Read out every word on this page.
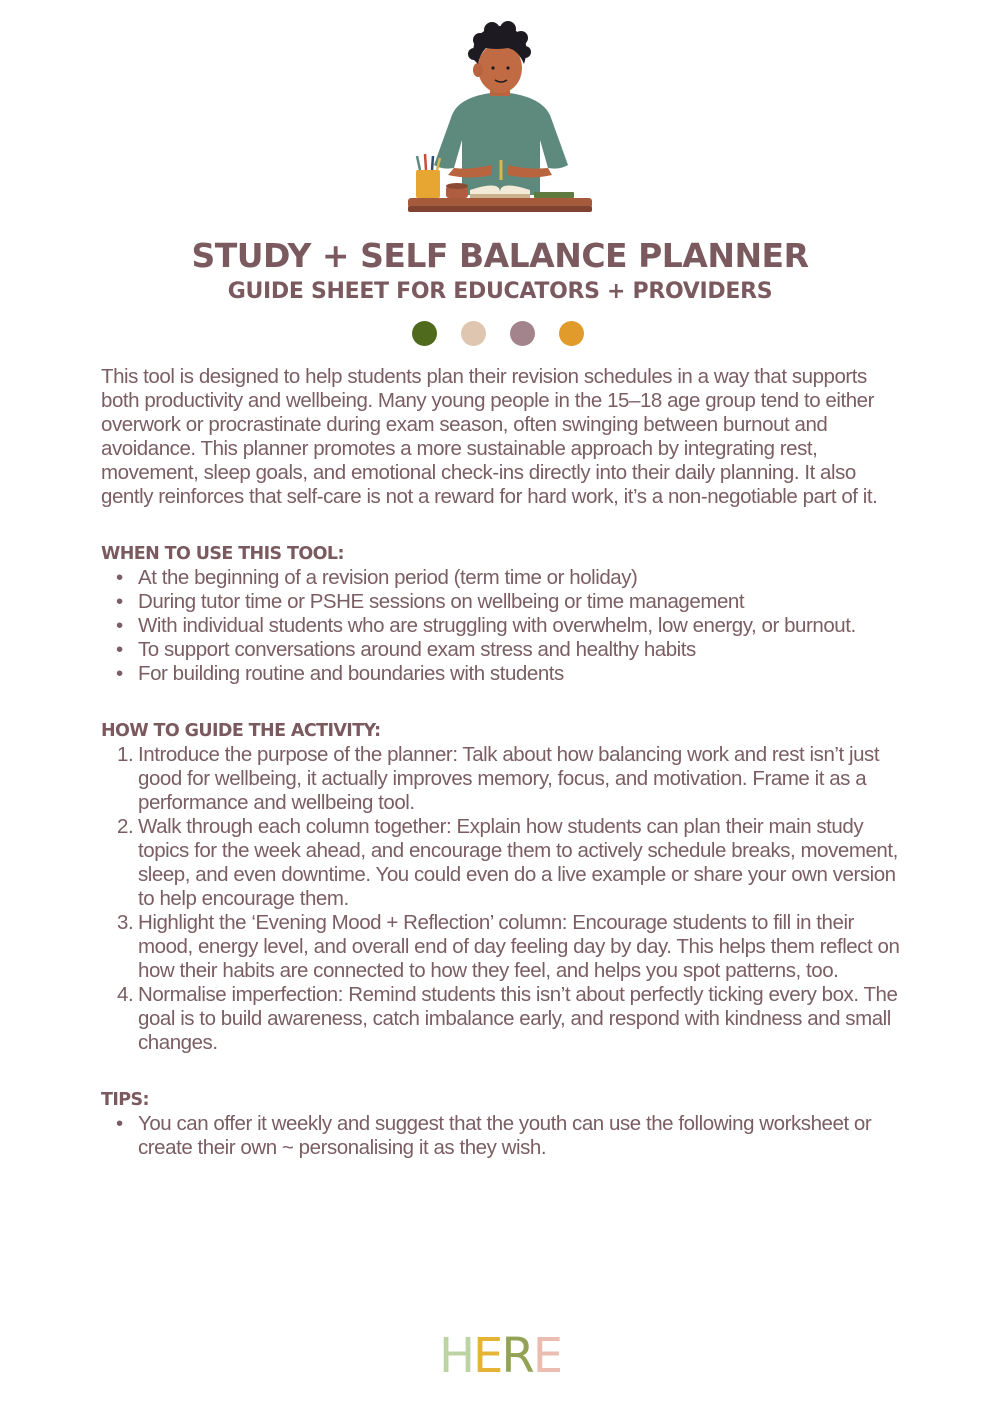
STUDY + SELF BALANCE PLANNER
GUIDE SHEET FOR EDUCATORS + PROVIDERS

This tool is designed to help students plan their revision schedules in a way that supports both productivity and wellbeing. Many young people in the 15–18 age group tend to either overwork or procrastinate during exam season, often swinging between burnout and avoidance. This planner promotes a more sustainable approach by integrating rest, movement, sleep goals, and emotional check-ins directly into their daily planning. It also gently reinforces that self-care is not a reward for hard work, it’s a non-negotiable part of it.

WHEN TO USE THIS TOOL:
• At the beginning of a revision period (term time or holiday)
• During tutor time or PSHE sessions on wellbeing or time management
• With individual students who are struggling with overwhelm, low energy, or burnout.
• To support conversations around exam stress and healthy habits
• For building routine and boundaries with students
HOW TO GUIDE THE ACTIVITY:
1. Introduce the purpose of the planner: Talk about how balancing work and rest isn’t just good for wellbeing, it actually improves memory, focus, and motivation. Frame it as a performance and wellbeing tool.
2. Walk through each column together: Explain how students can plan their main study topics for the week ahead, and encourage them to actively schedule breaks, movement, sleep, and even downtime. You could even do a live example or share your own version to help encourage them.
3. Highlight the ‘Evening Mood + Reflection’ column: Encourage students to fill in their mood, energy level, and overall end of day feeling day by day. This helps them reflect on how their habits are connected to how they feel, and helps you spot patterns, too.
4. Normalise imperfection: Remind students this isn’t about perfectly ticking every box. The goal is to build awareness, catch imbalance early, and respond with kindness and small changes.
TIPS:
• You can offer it weekly and suggest that the youth can use the following worksheet or create their own ~ personalising it as they wish.
HERE
